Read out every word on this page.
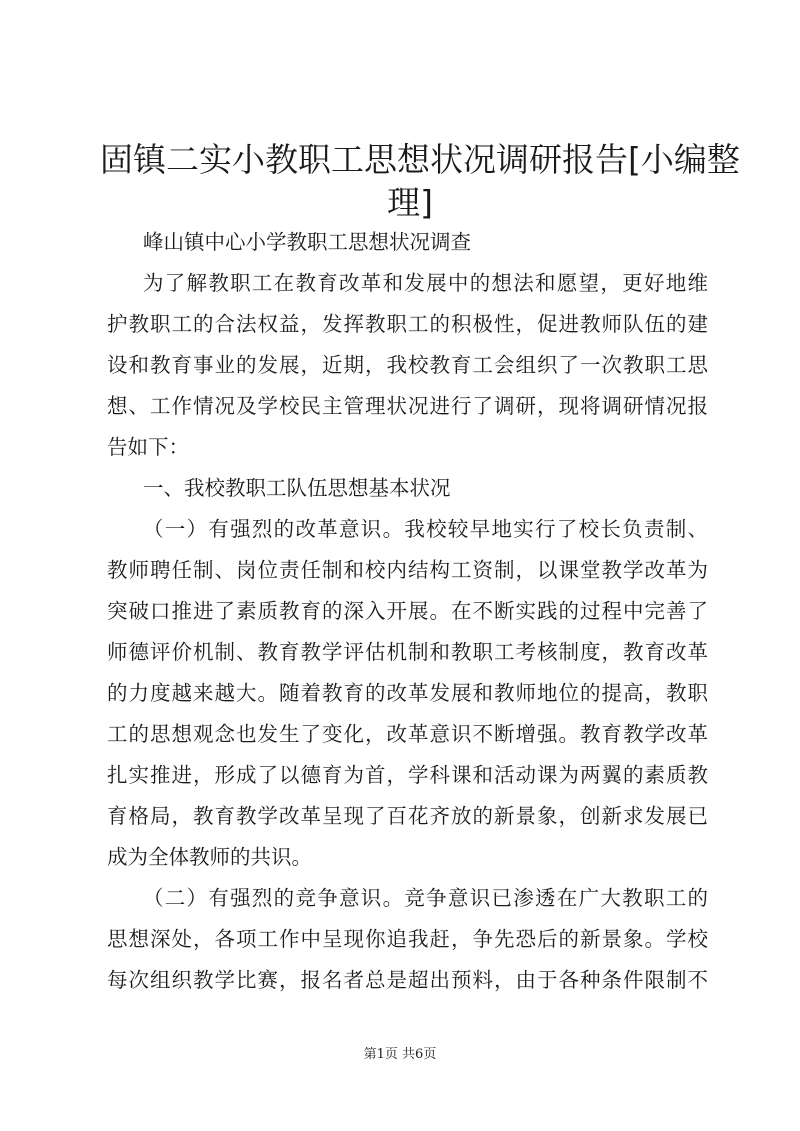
固镇二实小教职工思想状况调研报告[小编整
理]
峰山镇中心小学教职工思想状况调查
为了解教职工在教育改革和发展中的想法和愿望，更好地维
护教职工的合法权益，发挥教职工的积极性，促进教师队伍的建
设和教育事业的发展，近期，我校教育工会组织了一次教职工思
想、工作情况及学校民主管理状况进行了调研，现将调研情况报
告如下：
一、我校教职工队伍思想基本状况
（一）有强烈的改革意识。我校较早地实行了校长负责制、
教师聘任制、岗位责任制和校内结构工资制，以课堂教学改革为
突破口推进了素质教育的深入开展。在不断实践的过程中完善了
师德评价机制、教育教学评估机制和教职工考核制度，教育改革
的力度越来越大。随着教育的改革发展和教师地位的提高，教职
工的思想观念也发生了变化，改革意识不断增强。教育教学改革
扎实推进，形成了以德育为首，学科课和活动课为两翼的素质教
育格局，教育教学改革呈现了百花齐放的新景象，创新求发展已
成为全体教师的共识。
（二）有强烈的竞争意识。竞争意识已渗透在广大教职工的
思想深处，各项工作中呈现你追我赶，争先恐后的新景象。学校
每次组织教学比赛，报名者总是超出预料，由于各种条件限制不
第1页 共6页
